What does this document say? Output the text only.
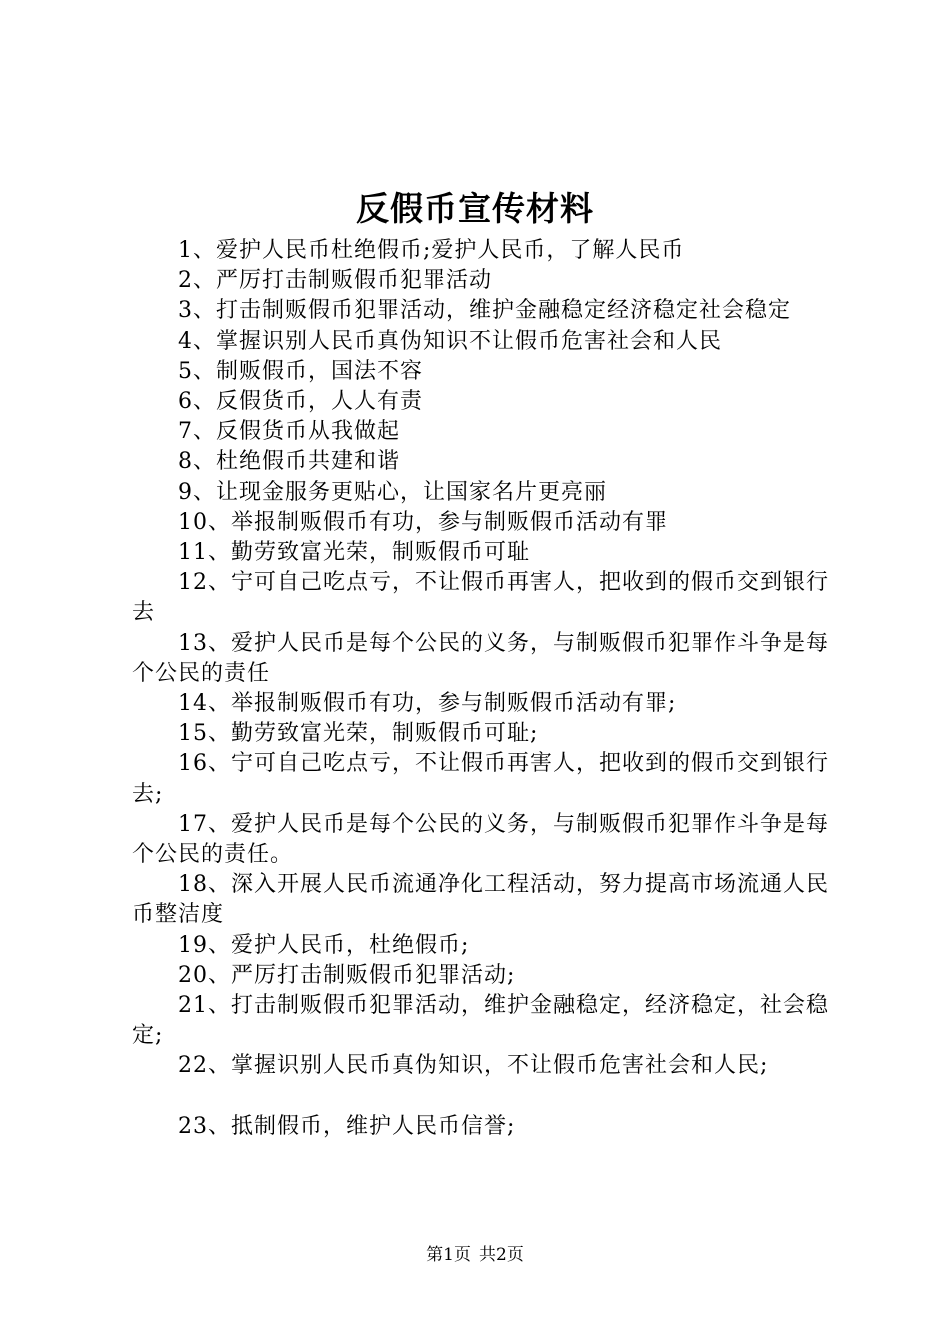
反假币宣传材料

1、爱护人民币杜绝假币;爱护人民币，了解人民币

2、严厉打击制贩假币犯罪活动

3、打击制贩假币犯罪活动，维护金融稳定经济稳定社会稳定

4、掌握识别人民币真伪知识不让假币危害社会和人民

5、制贩假币，国法不容

6、反假货币，人人有责

7、反假货币从我做起

8、杜绝假币共建和谐

9、让现金服务更贴心，让国家名片更亮丽

10、举报制贩假币有功，参与制贩假币活动有罪

11、勤劳致富光荣，制贩假币可耻

12、宁可自己吃点亏，不让假币再害人，把收到的假币交到银行去

13、爱护人民币是每个公民的义务，与制贩假币犯罪作斗争是每个公民的责任

14、举报制贩假币有功，参与制贩假币活动有罪;

15、勤劳致富光荣，制贩假币可耻;

16、宁可自己吃点亏，不让假币再害人，把收到的假币交到银行去;

17、爱护人民币是每个公民的义务，与制贩假币犯罪作斗争是每个公民的责任。

18、深入开展人民币流通净化工程活动，努力提高市场流通人民币整洁度

19、爱护人民币，杜绝假币;

20、严厉打击制贩假币犯罪活动;

21、打击制贩假币犯罪活动，维护金融稳定，经济稳定，社会稳定;

22、掌握识别人民币真伪知识，不让假币危害社会和人民;

23、抵制假币，维护人民币信誉;

第1页 共2页
